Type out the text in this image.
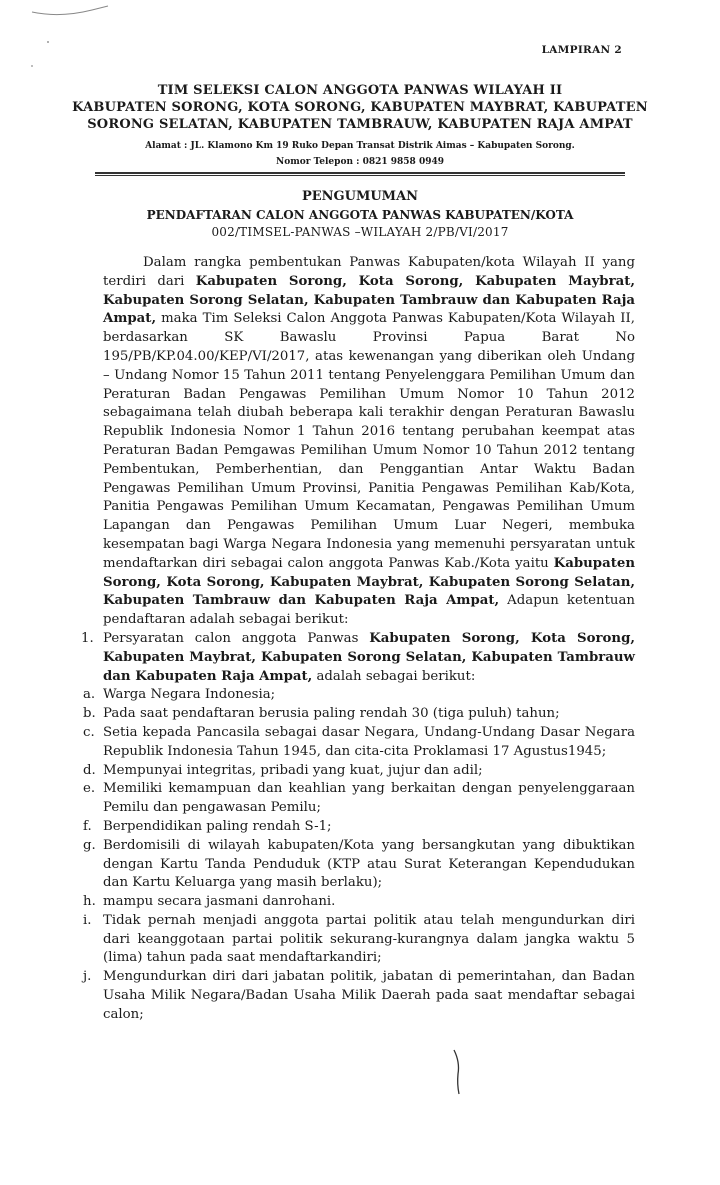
LAMPIRAN 2
TIM SELEKSI CALON ANGGOTA PANWAS WILAYAH II
KABUPATEN SORONG, KOTA SORONG, KABUPATEN MAYBRAT, KABUPATEN
SORONG SELATAN, KABUPATEN TAMBRAUW, KABUPATEN RAJA AMPAT
Alamat : JL. Klamono Km 19 Ruko Depan Transat Distrik Aimas – Kabupaten Sorong.
Nomor Telepon : 0821 9858 0949
PENGUMUMAN
PENDAFTARAN CALON ANGGOTA PANWAS KABUPATEN/KOTA
002/TIMSEL-PANWAS –WILAYAH 2/PB/VI/2017

Dalam rangka pembentukan Panwas Kabupaten/kota Wilayah II yang terdiri dari Kabupaten Sorong, Kota Sorong, Kabupaten Maybrat, Kabupaten Sorong Selatan, Kabupaten Tambrauw dan Kabupaten Raja Ampat, maka Tim Seleksi Calon Anggota Panwas Kabupaten/Kota Wilayah II, berdasarkan SK Bawaslu Provinsi Papua Barat No 195/PB/KP.04.00/KEP/VI/2017, atas kewenangan yang diberikan oleh Undang – Undang Nomor 15 Tahun 2011 tentang Penyelenggara Pemilihan Umum dan Peraturan Badan Pengawas Pemilihan Umum Nomor 10 Tahun 2012 sebagaimana telah diubah beberapa kali terakhir dengan Peraturan Bawaslu Republik Indonesia Nomor 1 Tahun 2016 tentang perubahan keempat atas Peraturan Badan Pemgawas Pemilihan Umum Nomor 10 Tahun 2012 tentang Pembentukan, Pemberhentian, dan Penggantian Antar Waktu Badan Pengawas Pemilihan Umum Provinsi, Panitia Pengawas Pemilihan Kab/Kota, Panitia Pengawas Pemilihan Umum Kecamatan, Pengawas Pemilihan Umum Lapangan dan Pengawas Pemilihan Umum Luar Negeri, membuka kesempatan bagi Warga Negara Indonesia yang memenuhi persyaratan untuk mendaftarkan diri sebagai calon anggota Panwas Kab./Kota yaitu Kabupaten Sorong, Kota Sorong, Kabupaten Maybrat, Kabupaten Sorong Selatan, Kabupaten Tambrauw dan Kabupaten Raja Ampat, Adapun ketentuan pendaftaran adalah sebagai berikut:

1. Persyaratan calon anggota Panwas Kabupaten Sorong, Kota Sorong, Kabupaten Maybrat, Kabupaten Sorong Selatan, Kabupaten Tambrauw dan Kabupaten Raja Ampat, adalah sebagai berikut:
a. Warga Negara Indonesia;
b. Pada saat pendaftaran berusia paling rendah 30 (tiga puluh) tahun;
c. Setia kepada Pancasila sebagai dasar Negara, Undang-Undang Dasar Negara Republik Indonesia Tahun 1945, dan cita-cita Proklamasi 17 Agustus1945;
d. Mempunyai integritas, pribadi yang kuat, jujur dan adil;
e. Memiliki kemampuan dan keahlian yang berkaitan dengan penyelenggaraan Pemilu dan pengawasan Pemilu;
f. Berpendidikan paling rendah S-1;
g. Berdomisili di wilayah kabupaten/Kota yang bersangkutan yang dibuktikan dengan Kartu Tanda Penduduk (KTP atau Surat Keterangan Kependudukan dan Kartu Keluarga yang masih berlaku);
h. mampu secara jasmani danrohani.
i. Tidak pernah menjadi anggota partai politik atau telah mengundurkan diri dari keanggotaan partai politik sekurang-kurangnya dalam jangka waktu 5 (lima) tahun pada saat mendaftarkandiri;
j. Mengundurkan diri dari jabatan politik, jabatan di pemerintahan, dan Badan Usaha Milik Negara/Badan Usaha Milik Daerah pada saat mendaftar sebagai calon;
